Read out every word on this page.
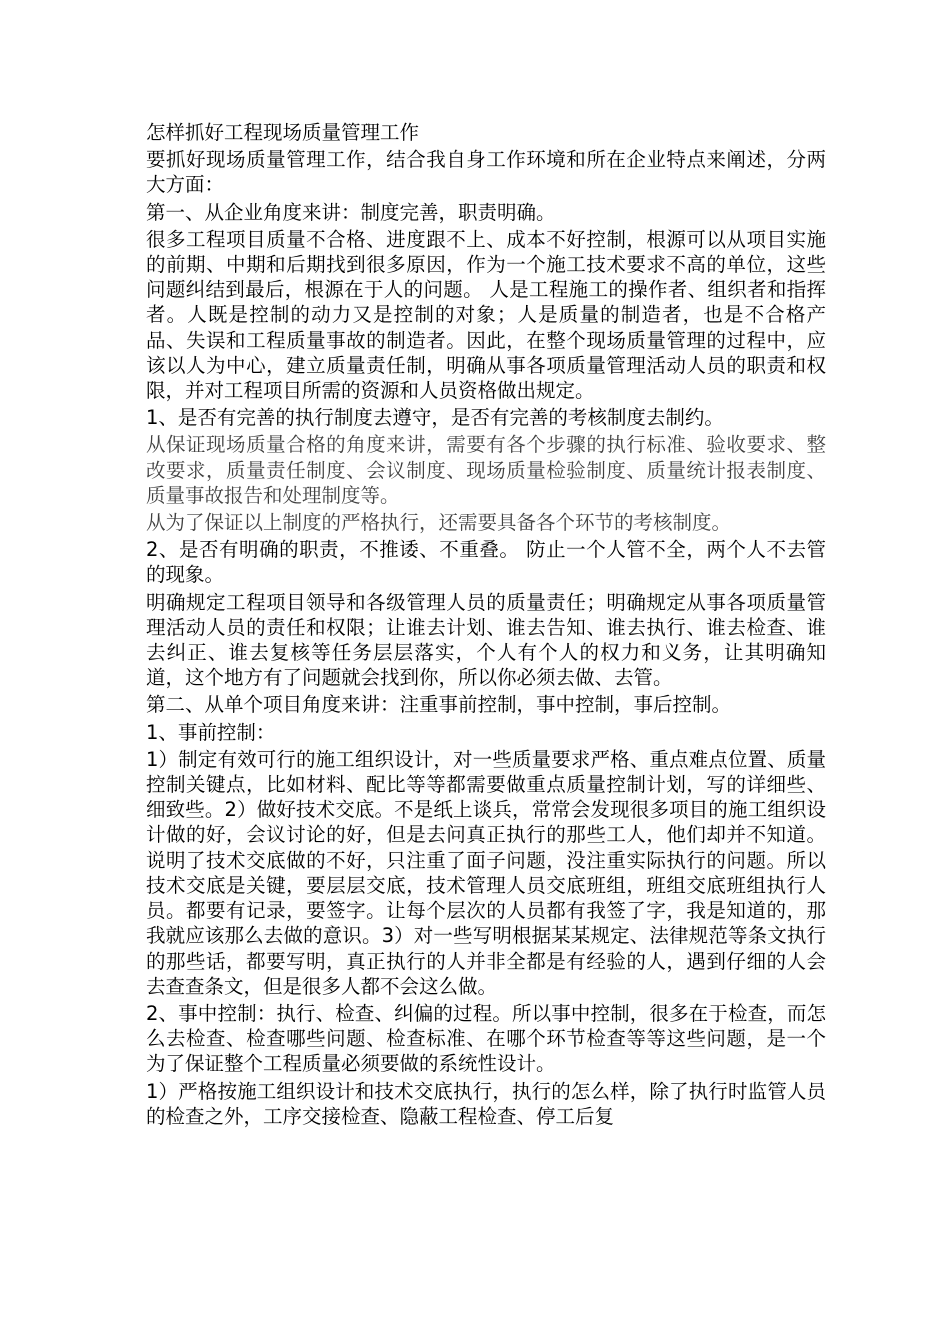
怎样抓好工程现场质量管理工作
要抓好现场质量管理工作，结合我自身工作环境和所在企业特点来阐述，分两大方面：
第一、从企业角度来讲：制度完善，职责明确。
很多工程项目质量不合格、进度跟不上、成本不好控制，根源可以从项目实施的前期、中期和后期找到很多原因，作为一个施工技术要求不高的单位，这些问题纠结到最后，根源在于人的问题。 人是工程施工的操作者、组织者和指挥者。人既是控制的动力又是控制的对象；人是质量的制造者，也是不合格产品、失误和工程质量事故的制造者。因此，在整个现场质量管理的过程中，应该以人为中心，建立质量责任制，明确从事各项质量管理活动人员的职责和权限，并对工程项目所需的资源和人员资格做出规定。
1、是否有完善的执行制度去遵守，是否有完善的考核制度去制约。
从保证现场质量合格的角度来讲，需要有各个步骤的执行标准、验收要求、整改要求，质量责任制度、会议制度、现场质量检验制度、质量统计报表制度、质量事故报告和处理制度等。
从为了保证以上制度的严格执行，还需要具备各个环节的考核制度。
2、是否有明确的职责，不推诿、不重叠。 防止一个人管不全，两个人不去管的现象。
明确规定工程项目领导和各级管理人员的质量责任；明确规定从事各项质量管理活动人员的责任和权限；让谁去计划、谁去告知、谁去执行、谁去检查、谁去纠正、谁去复核等任务层层落实，个人有个人的权力和义务，让其明确知道，这个地方有了问题就会找到你，所以你必须去做、去管。
第二、从单个项目角度来讲：注重事前控制，事中控制，事后控制。
1、事前控制：
1）制定有效可行的施工组织设计，对一些质量要求严格、重点难点位置、质量控制关键点，比如材料、配比等等都需要做重点质量控制计划，写的详细些、细致些。2）做好技术交底。不是纸上谈兵，常常会发现很多项目的施工组织设计做的好，会议讨论的好，但是去问真正执行的那些工人，他们却并不知道。说明了技术交底做的不好，只注重了面子问题，没注重实际执行的问题。所以技术交底是关键，要层层交底，技术管理人员交底班组，班组交底班组执行人员。都要有记录，要签字。让每个层次的人员都有我签了字，我是知道的，那我就应该那么去做的意识。3）对一些写明根据某某规定、法律规范等条文执行的那些话，都要写明，真正执行的人并非全都是有经验的人，遇到仔细的人会去查查条文，但是很多人都不会这么做。
2、事中控制：执行、检查、纠偏的过程。所以事中控制，很多在于检查，而怎么去检查、检查哪些问题、检查标准、在哪个环节检查等等这些问题，是一个为了保证整个工程质量必须要做的系统性设计。
1）严格按施工组织设计和技术交底执行，执行的怎么样，除了执行时监管人员的检查之外，工序交接检查、隐蔽工程检查、停工后复
